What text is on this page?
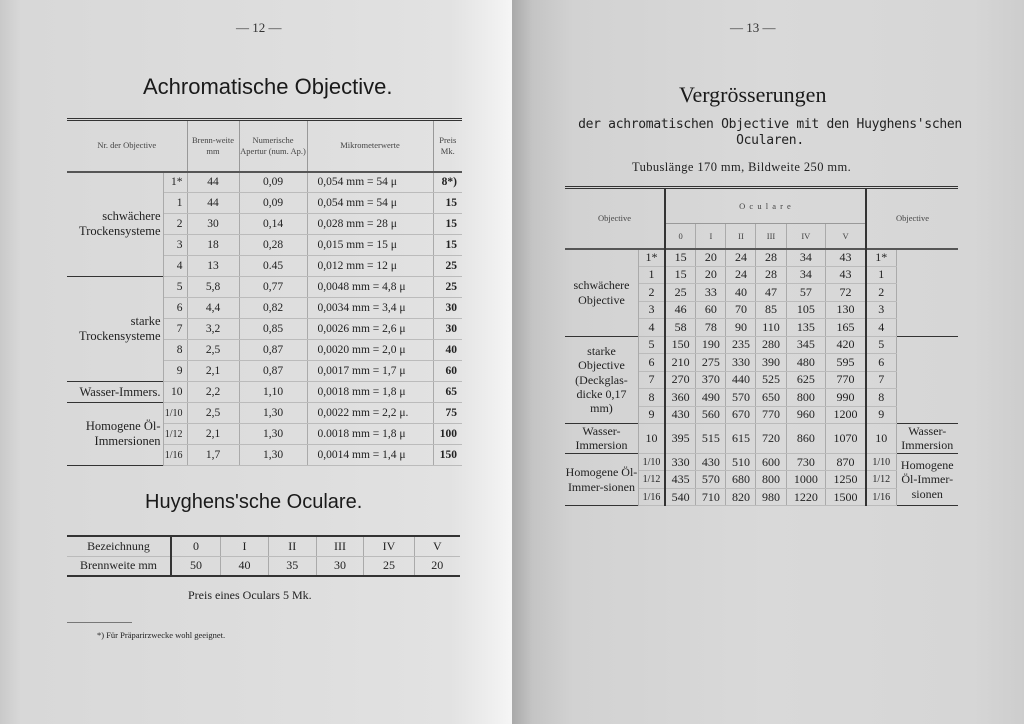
— 12 —
Achromatische Objective.
Nr. der Objective		Brenn-weite mm	Numerische Apertur (num. Ap.)	Mikrometerwerte	Preis Mk.
schwächere Trockensysteme	1*	44	0,09	0,054 mm = 54 μ	8*)
	1	44	0,09	0,054 mm = 54 μ	15
	2	30	0,14	0,028 mm = 28 μ	15
	3	18	0,28	0,015 mm = 15 μ	15
	4	13	0.45	0,012 mm = 12 μ	25
starke Trockensysteme	5	5,8	0,77	0,0048 mm = 4,8 μ	25
	6	4,4	0,82	0,0034 mm = 3,4 μ	30
	7	3,2	0,85	0,0026 mm = 2,6 μ	30
	8	2,5	0,87	0,0020 mm = 2,0 μ	40
	9	2,1	0,87	0,0017 mm = 1,7 μ	60
Wasser-Immers.	10	2,2	1,10	0,0018 mm = 1,8 μ	65
Homogene Öl-Immersionen	1/10	2,5	1,30	0,0022 mm = 2,2 μ.	75
	1/12	2,1	1,30	0.0018 mm = 1,8 μ	100
	1/16	1,7	1,30	0,0014 mm = 1,4 μ	150
Huyghens'sche Oculare.
Bezeichnung	0	I	II	III	IV	V
Brennweite mm	50	40	35	30	25	20
Preis eines Oculars 5 Mk.
*) Für Präparirzwecke wohl geeignet.
— 13 —
Vergrösserungen
der achromatischen Objective mit den Huyghens'schen Ocularen.
Tubuslänge 170 mm, Bildweite 250 mm.
Objective		O c u l a r e						Objective	
		0	I	II	III	IV	V		
schwächere Objective	1*	15	20	24	28	34	43	1*	
	1	15	20	24	28	34	43	1	
	2	25	33	40	47	57	72	2	
	3	46	60	70	85	105	130	3	
	4	58	78	90	110	135	165	4	
starke Objective (Deckglas-dicke 0,17 mm)	5	150	190	235	280	345	420	5	
	6	210	275	330	390	480	595	6	
	7	270	370	440	525	625	770	7	
	8	360	490	570	650	800	990	8	
	9	430	560	670	770	960	1200	9	
Wasser-Immersion	10	395	515	615	720	860	1070	10	Wasser-Immersion
Homogene Öl-Immer-sionen	1/10	330	430	510	600	730	870	1/10	Homogene Öl-Immer-sionen
	1/12	435	570	680	800	1000	1250	1/12	
	1/16	540	710	820	980	1220	1500	1/16	
